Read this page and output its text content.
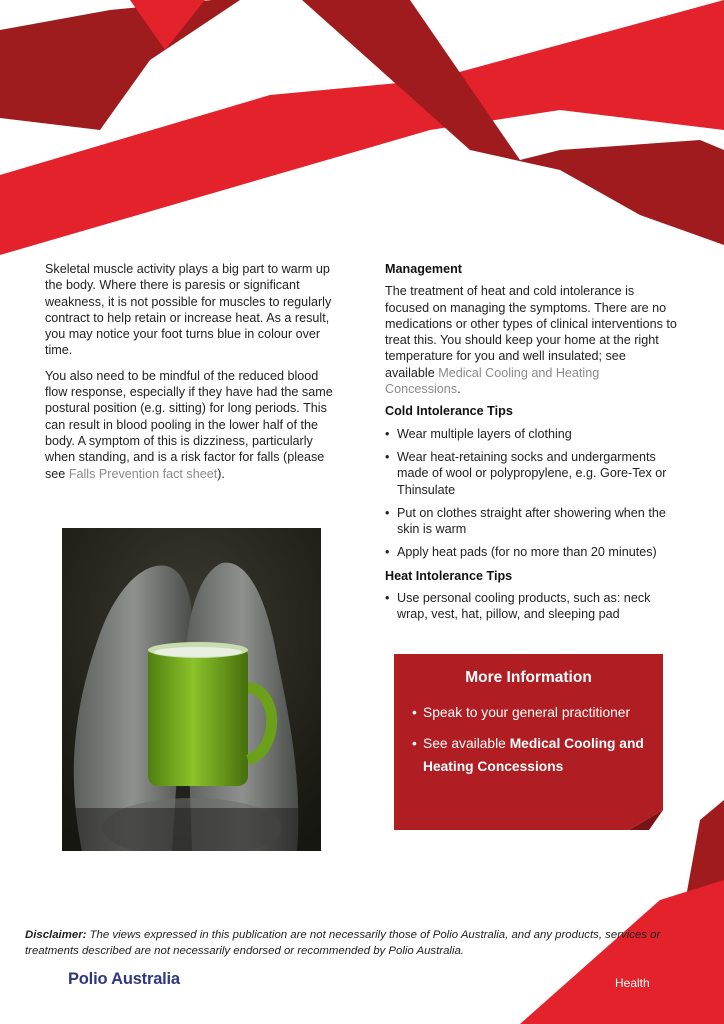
Skeletal muscle activity plays a big part to warm up the body. Where there is paresis or significant weakness, it is not possible for muscles to regularly contract to help retain or increase heat. As a result, you may notice your foot turns blue in colour over time.

You also need to be mindful of the reduced blood flow response, especially if they have had the same postural position (e.g. sitting) for long periods. This can result in blood pooling in the lower half of the body. A symptom of this is dizziness, particularly when standing, and is a risk factor for falls (please see Falls Prevention fact sheet).

Management

The treatment of heat and cold intolerance is focused on managing the symptoms. There are no medications or other types of clinical interventions to treat this. You should keep your home at the right temperature for you and well insulated; see available Medical Cooling and Heating Concessions.

Cold Intolerance Tips
• Wear multiple layers of clothing
• Wear heat-retaining socks and undergarments made of wool or polypropylene, e.g. Gore-Tex or Thinsulate
• Put on clothes straight after showering when the skin is warm
• Apply heat pads (for no more than 20 minutes)
Heat Intolerance Tips
• Use personal cooling products, such as: neck wrap, vest, hat, pillow, and sleeping pad
More Information
• Speak to your general practitioner
• See available Medical Cooling and Heating Concessions
Disclaimer: The views expressed in this publication are not necessarily those of Polio Australia, and any products, services or treatments described are not necessarily endorsed or recommended by Polio Australia.
Polio Australia	Health
